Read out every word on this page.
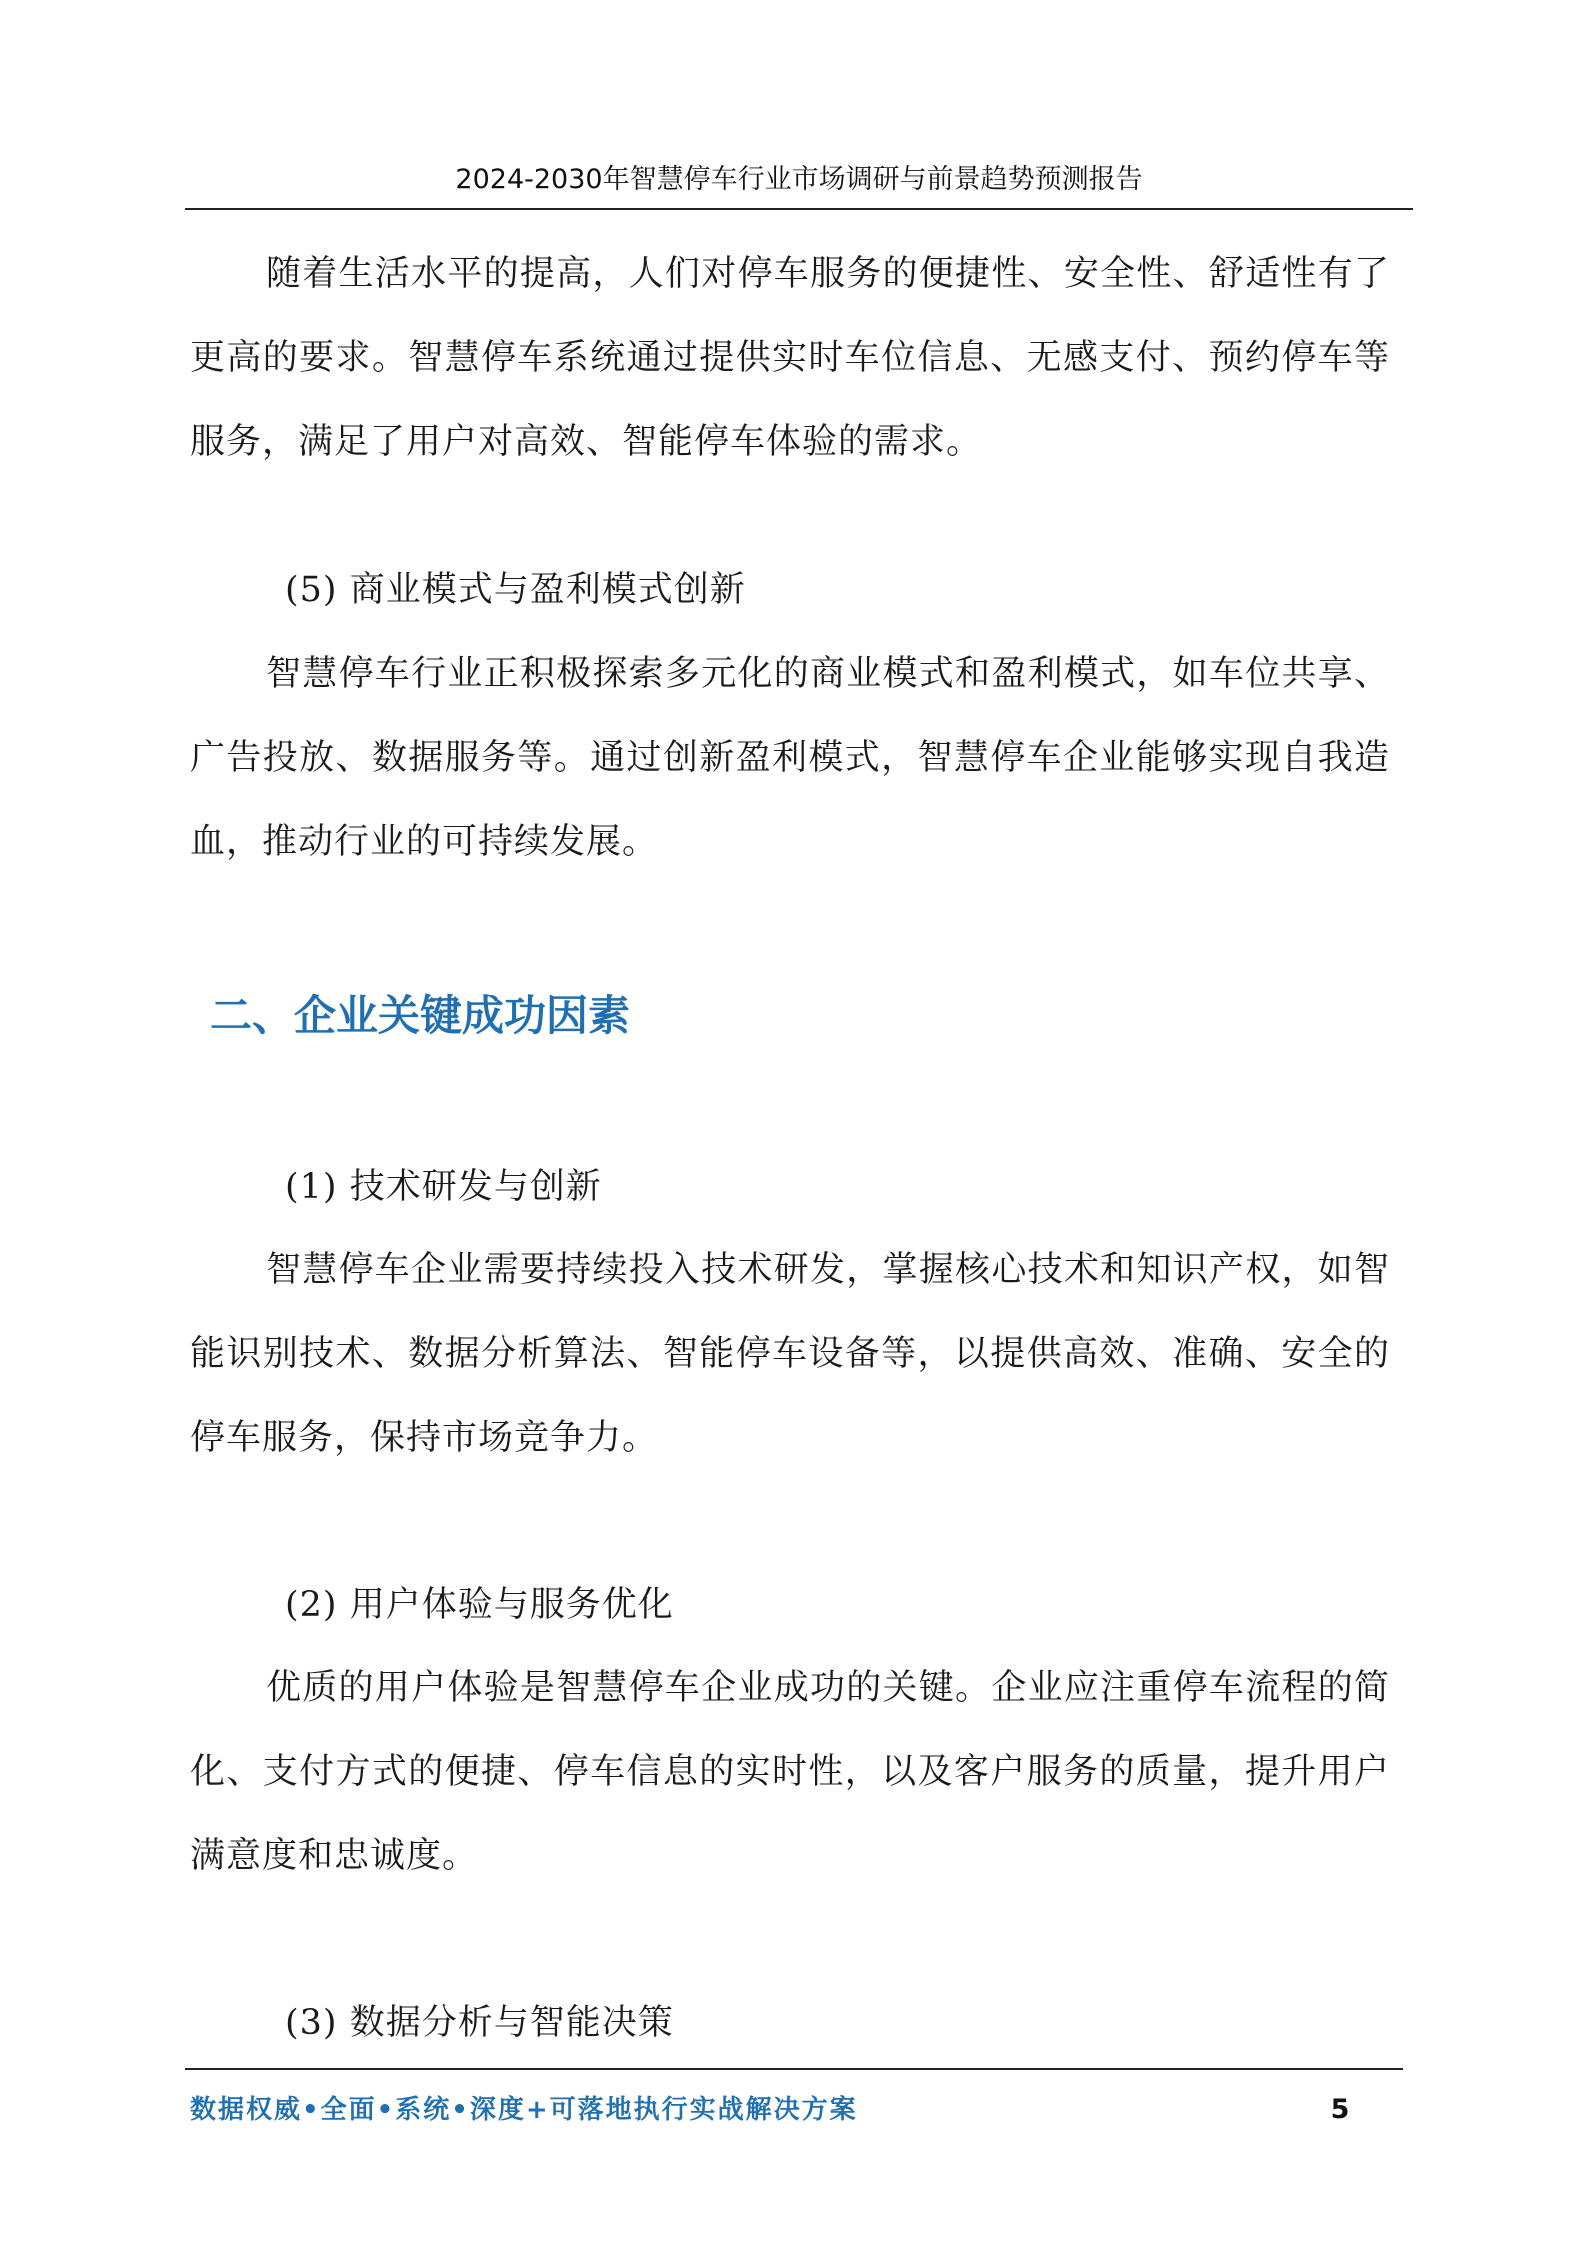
2024-2030年智慧停车行业市场调研与前景趋势预测报告

随着生活水平的提高，人们对停车服务的便捷性、安全性、舒适性有了更高的要求。智慧停车系统通过提供实时车位信息、无感支付、预约停车等服务，满足了用户对高效、智能停车体验的需求。

(5) 商业模式与盈利模式创新

智慧停车行业正积极探索多元化的商业模式和盈利模式，如车位共享、广告投放、数据服务等。通过创新盈利模式，智慧停车企业能够实现自我造血，推动行业的可持续发展。

二、企业关键成功因素

(1) 技术研发与创新

智慧停车企业需要持续投入技术研发，掌握核心技术和知识产权，如智能识别技术、数据分析算法、智能停车设备等，以提供高效、准确、安全的停车服务，保持市场竞争力。

(2) 用户体验与服务优化

优质的用户体验是智慧停车企业成功的关键。企业应注重停车流程的简化、支付方式的便捷、停车信息的实时性，以及客户服务的质量，提升用户满意度和忠诚度。

(3) 数据分析与智能决策

数据权威•全面•系统•深度+可落地执行实战解决方案	5
